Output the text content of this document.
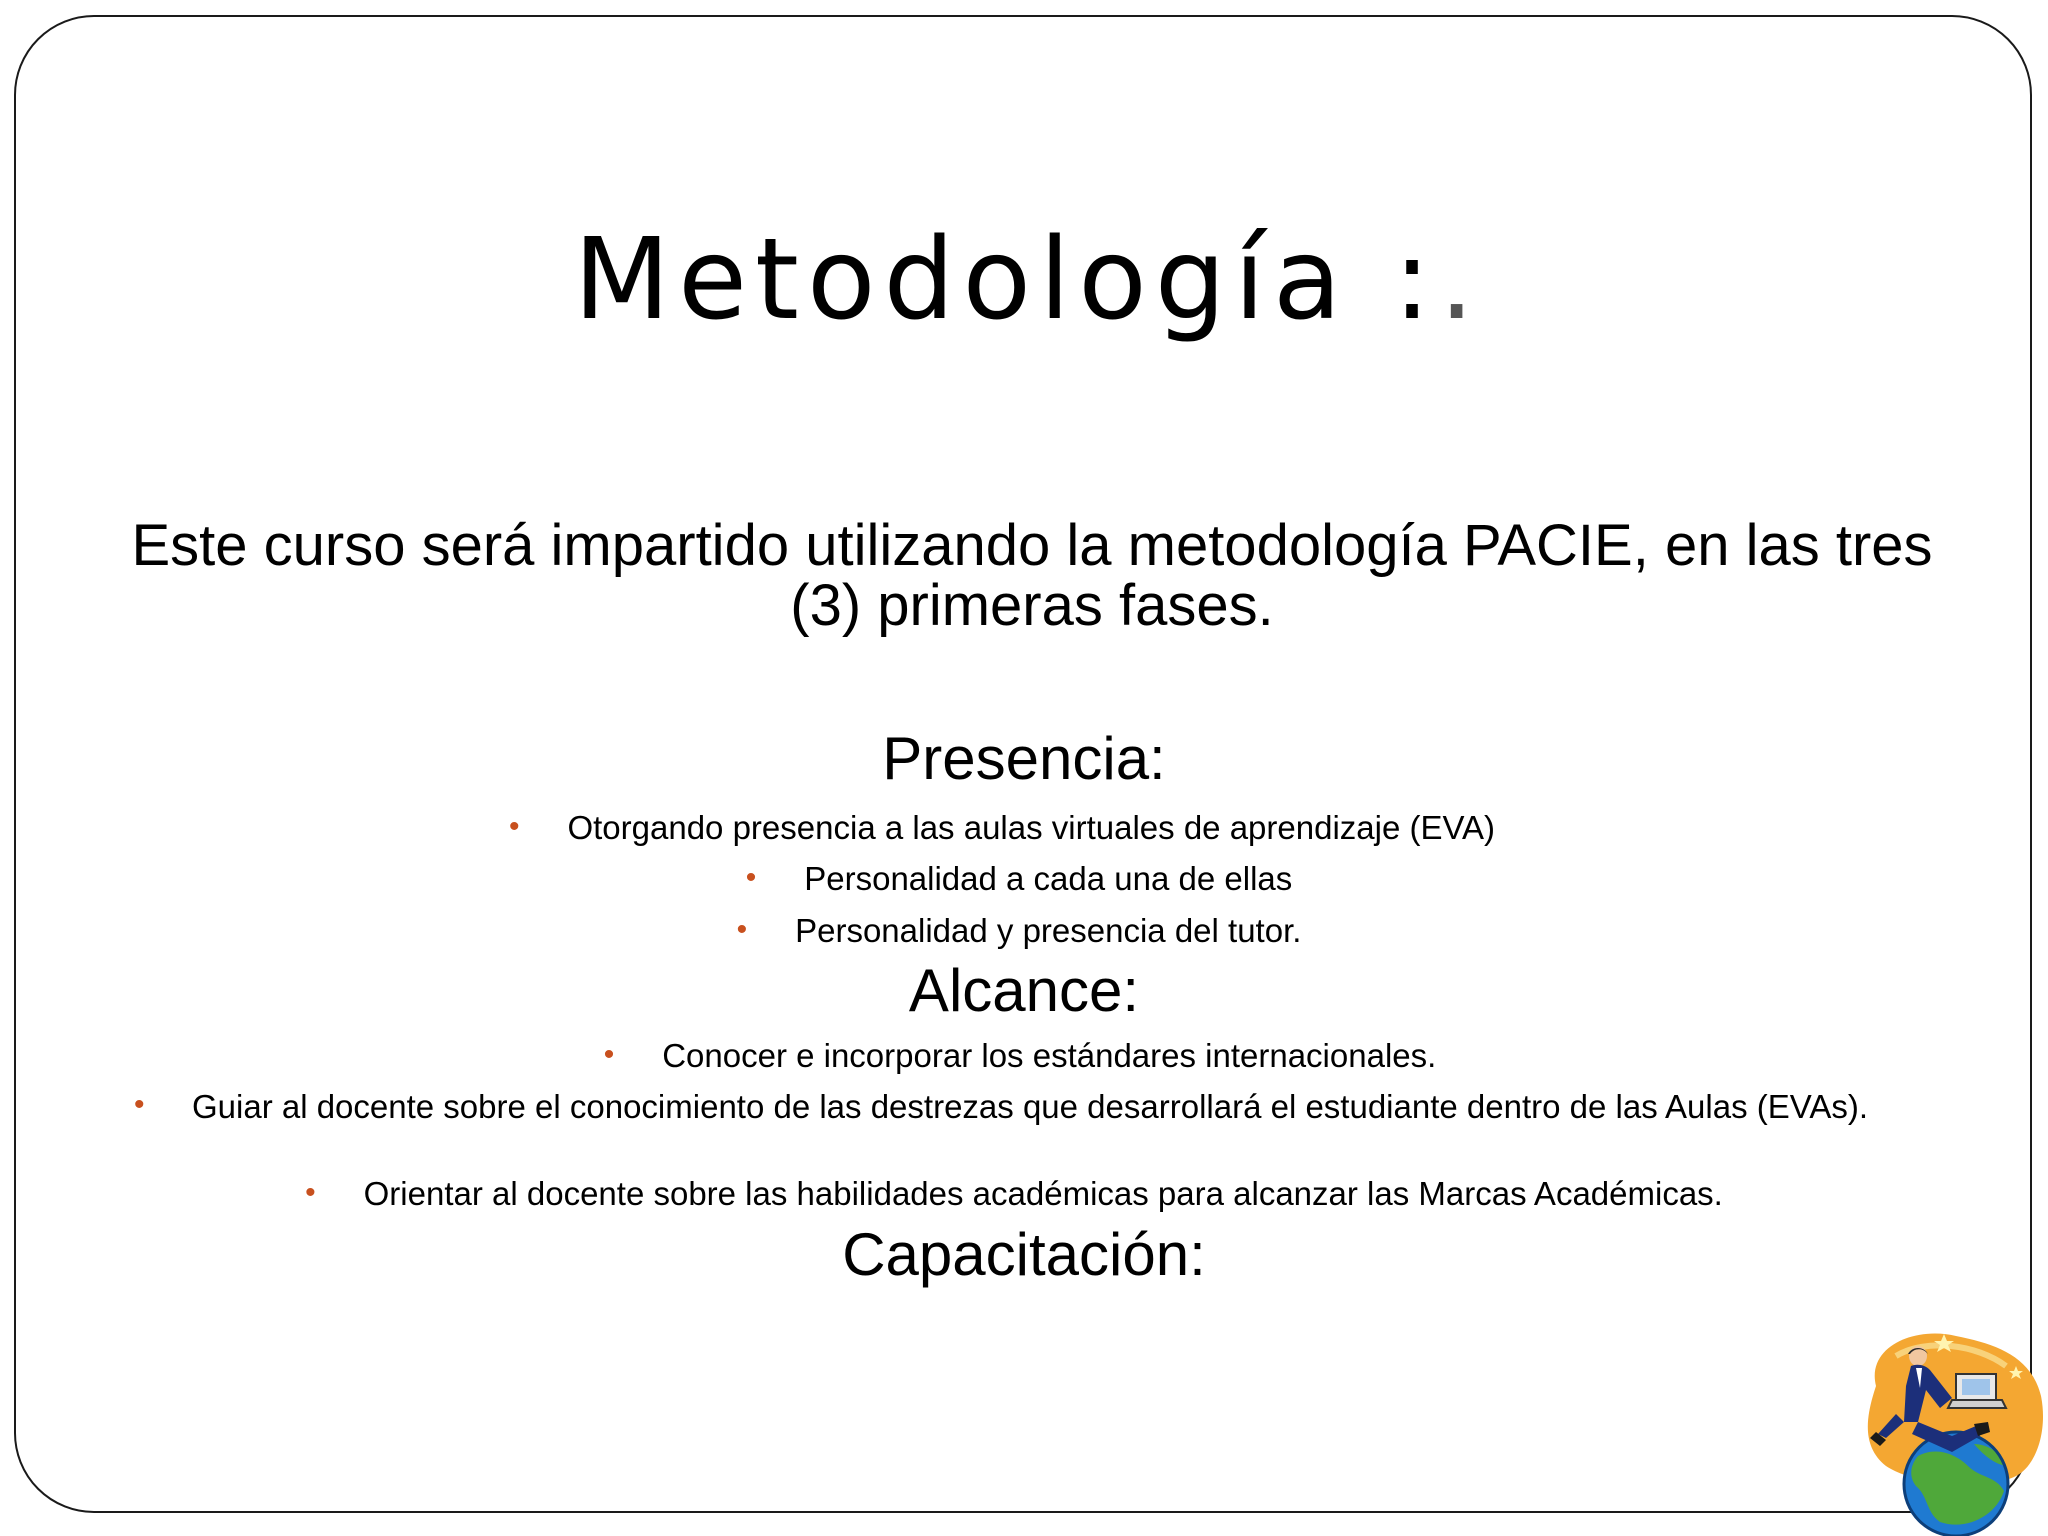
Metodología :.
Este curso será impartido utilizando la metodología PACIE, en las tres (3) primeras fases.
Presencia:
• Otorgando presencia a las aulas virtuales de aprendizaje (EVA)
• Personalidad a cada una de ellas
• Personalidad y presencia del tutor.
Alcance:
• Conocer e incorporar los estándares internacionales.
• Guiar al docente sobre el conocimiento de las destrezas que desarrollará el estudiante dentro de las Aulas (EVAs).
• Orientar al docente sobre las habilidades académicas para alcanzar las Marcas Académicas.
Capacitación:
